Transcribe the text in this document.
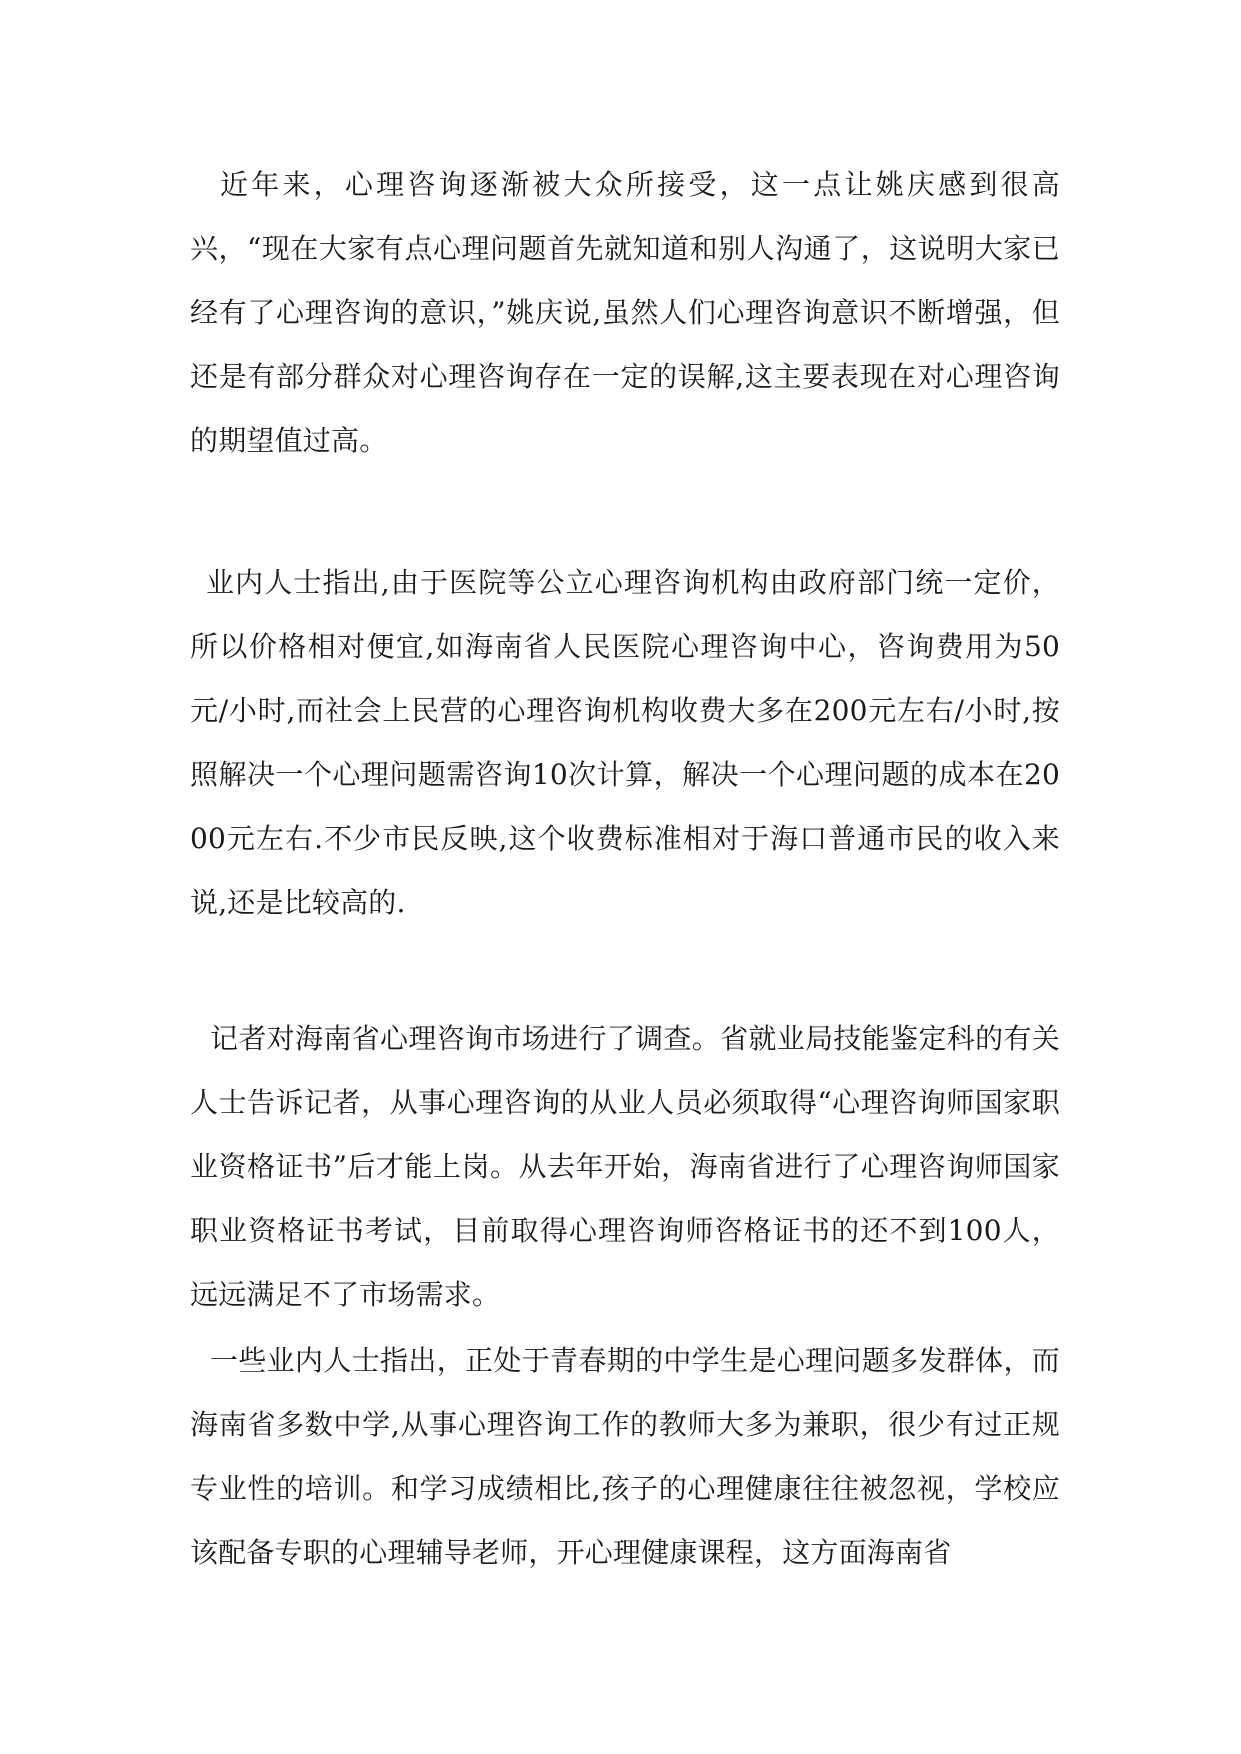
近年来，心理咨询逐渐被大众所接受，这一点让姚庆感到很高兴，“现在大家有点心理问题首先就知道和别人沟通了，这说明大家已经有了心理咨询的意识，”姚庆说,虽然人们心理咨询意识不断增强，但还是有部分群众对心理咨询存在一定的误解,这主要表现在对心理咨询的期望值过高。

业内人士指出,由于医院等公立心理咨询机构由政府部门统一定价，所以价格相对便宜,如海南省人民医院心理咨询中心，咨询费用为50元/小时,而社会上民营的心理咨询机构收费大多在200元左右/小时,按照解决一个心理问题需咨询10次计算，解决一个心理问题的成本在2000元左右.不少市民反映,这个收费标准相对于海口普通市民的收入来说,还是比较高的.

记者对海南省心理咨询市场进行了调查。省就业局技能鉴定科的有关人士告诉记者，从事心理咨询的从业人员必须取得“心理咨询师国家职业资格证书”后才能上岗。从去年开始，海南省进行了心理咨询师国家职业资格证书考试，目前取得心理咨询师咨格证书的还不到100人，远远满足不了市场需求。

一些业内人士指出，正处于青春期的中学生是心理问题多发群体，而海南省多数中学,从事心理咨询工作的教师大多为兼职，很少有过正规专业性的培训。和学习成绩相比,孩子的心理健康往往被忽视，学校应该配备专职的心理辅导老师，开心理健康课程，这方面海南省
